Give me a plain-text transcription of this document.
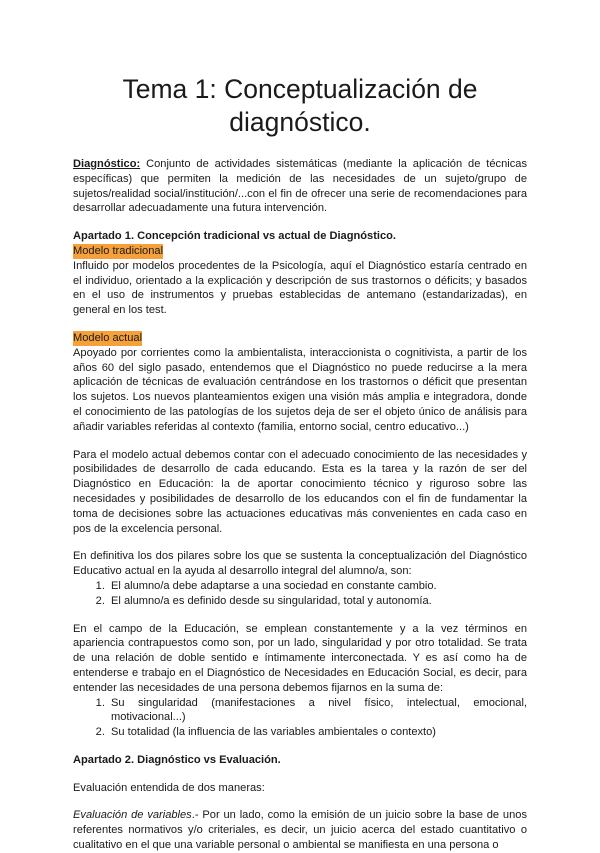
Tema 1: Conceptualización de
diagnóstico.

Diagnóstico: Conjunto de actividades sistemáticas (mediante la aplicación de técnicas específicas) que permiten la medición de las necesidades de un sujeto/grupo de sujetos/realidad social/institución/...con el fin de ofrecer una serie de recomendaciones para desarrollar adecuadamente una futura intervención.

Apartado 1. Concepción tradicional vs actual de Diagnóstico.

Modelo tradicional

Influido por modelos procedentes de la Psicología, aquí el Diagnóstico estaría centrado en el individuo, orientado a la explicación y descripción de sus trastornos o déficits; y basados en el uso de instrumentos y pruebas establecidas de antemano (estandarizadas), en general en los test.

Modelo actual

Apoyado por corrientes como la ambientalista, interaccionista o cognitivista, a partir de los años 60 del siglo pasado, entendemos que el Diagnóstico no puede reducirse a la mera aplicación de técnicas de evaluación centrándose en los trastornos o déficit que presentan los sujetos. Los nuevos planteamientos exigen una visión más amplia e integradora, donde el conocimiento de las patologías de los sujetos deja de ser el objeto único de análisis para añadir variables referidas al contexto (familia, entorno social, centro educativo...)

Para el modelo actual debemos contar con el adecuado conocimiento de las necesidades y posibilidades de desarrollo de cada educando. Esta es la tarea y la razón de ser del Diagnóstico en Educación: la de aportar conocimiento técnico y riguroso sobre las necesidades y posibilidades de desarrollo de los educandos con el fin de fundamentar la toma de decisiones sobre las actuaciones educativas más convenientes en cada caso en pos de la excelencia personal.

En definitiva los dos pilares sobre los que se sustenta la conceptualización del Diagnóstico Educativo actual en la ayuda al desarrollo integral del alumno/a, son:

1. El alumno/a debe adaptarse a una sociedad en constante cambio.
2. El alumno/a es definido desde su singularidad, total y autonomía.

En el campo de la Educación, se emplean constantemente y a la vez términos en apariencia contrapuestos como son, por un lado, singularidad y por otro totalidad. Se trata de una relación de doble sentido e íntimamente interconectada. Y es así como ha de entenderse e trabajo en el Diagnóstico de Necesidades en Educación Social, es decir, para entender las necesidades de una persona debemos fijarnos en la suma de:

1. Su singularidad (manifestaciones a nivel físico, intelectual, emocional, motivacional...)
2. Su totalidad (la influencia de las variables ambientales o contexto)

Apartado 2. Diagnóstico vs Evaluación.

Evaluación entendida de dos maneras:

Evaluación de variables.- Por un lado, como la emisión de un juicio sobre la base de unos referentes normativos y/o criteriales, es decir, un juicio acerca del estado cuantitativo o cualitativo en el que una variable personal o ambiental se manifiesta en una persona o
